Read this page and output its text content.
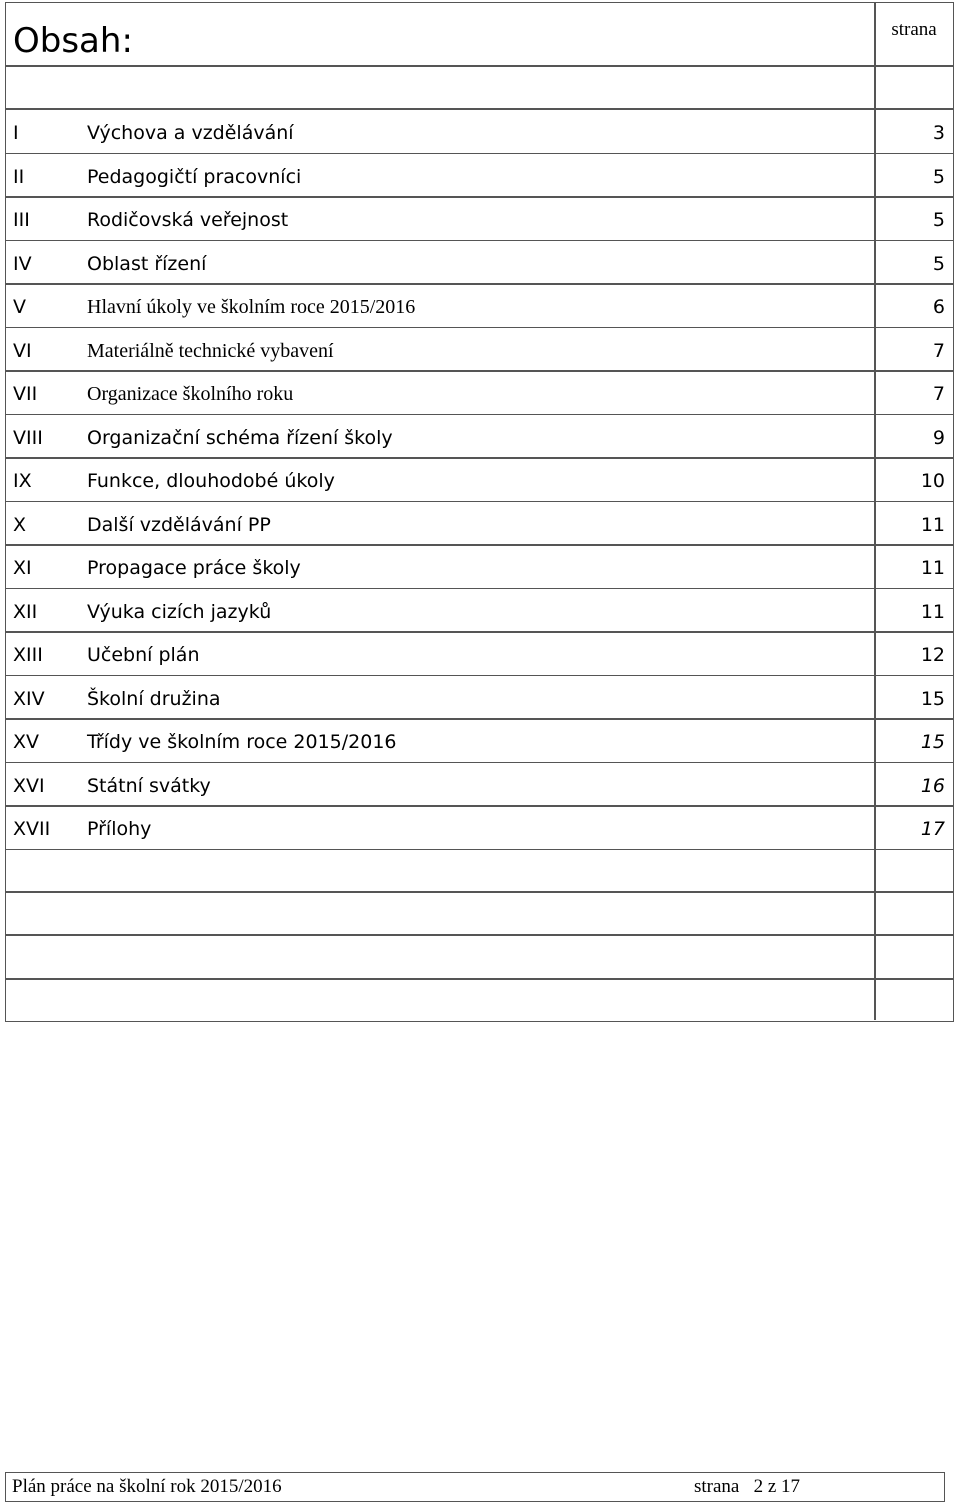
Obsah:	strana
I	Výchova a vzdělávání	3
II	Pedagogičtí pracovníci	5
III	Rodičovská veřejnost	5
IV	Oblast řízení	5
V	Hlavní úkoly ve školním roce 2015/2016	6
VI	Materiálně technické vybavení	7
VII Organizace školního roku	7
VIII Organizační schéma řízení školy	9
IX	Funkce, dlouhodobé úkoly	10
X	Další vzdělávání PP	11
XI	Propagace práce školy	11
XII	Výuka cizích jazyků	11
XIII Učební plán	12
XIV Školní družina	15
XV	Třídy ve školním roce 2015/2016	15
XVI Státní svátky	16
XVII Přílohy	17
Plán práce na školní rok 2015/2016	strana   2 z 17
